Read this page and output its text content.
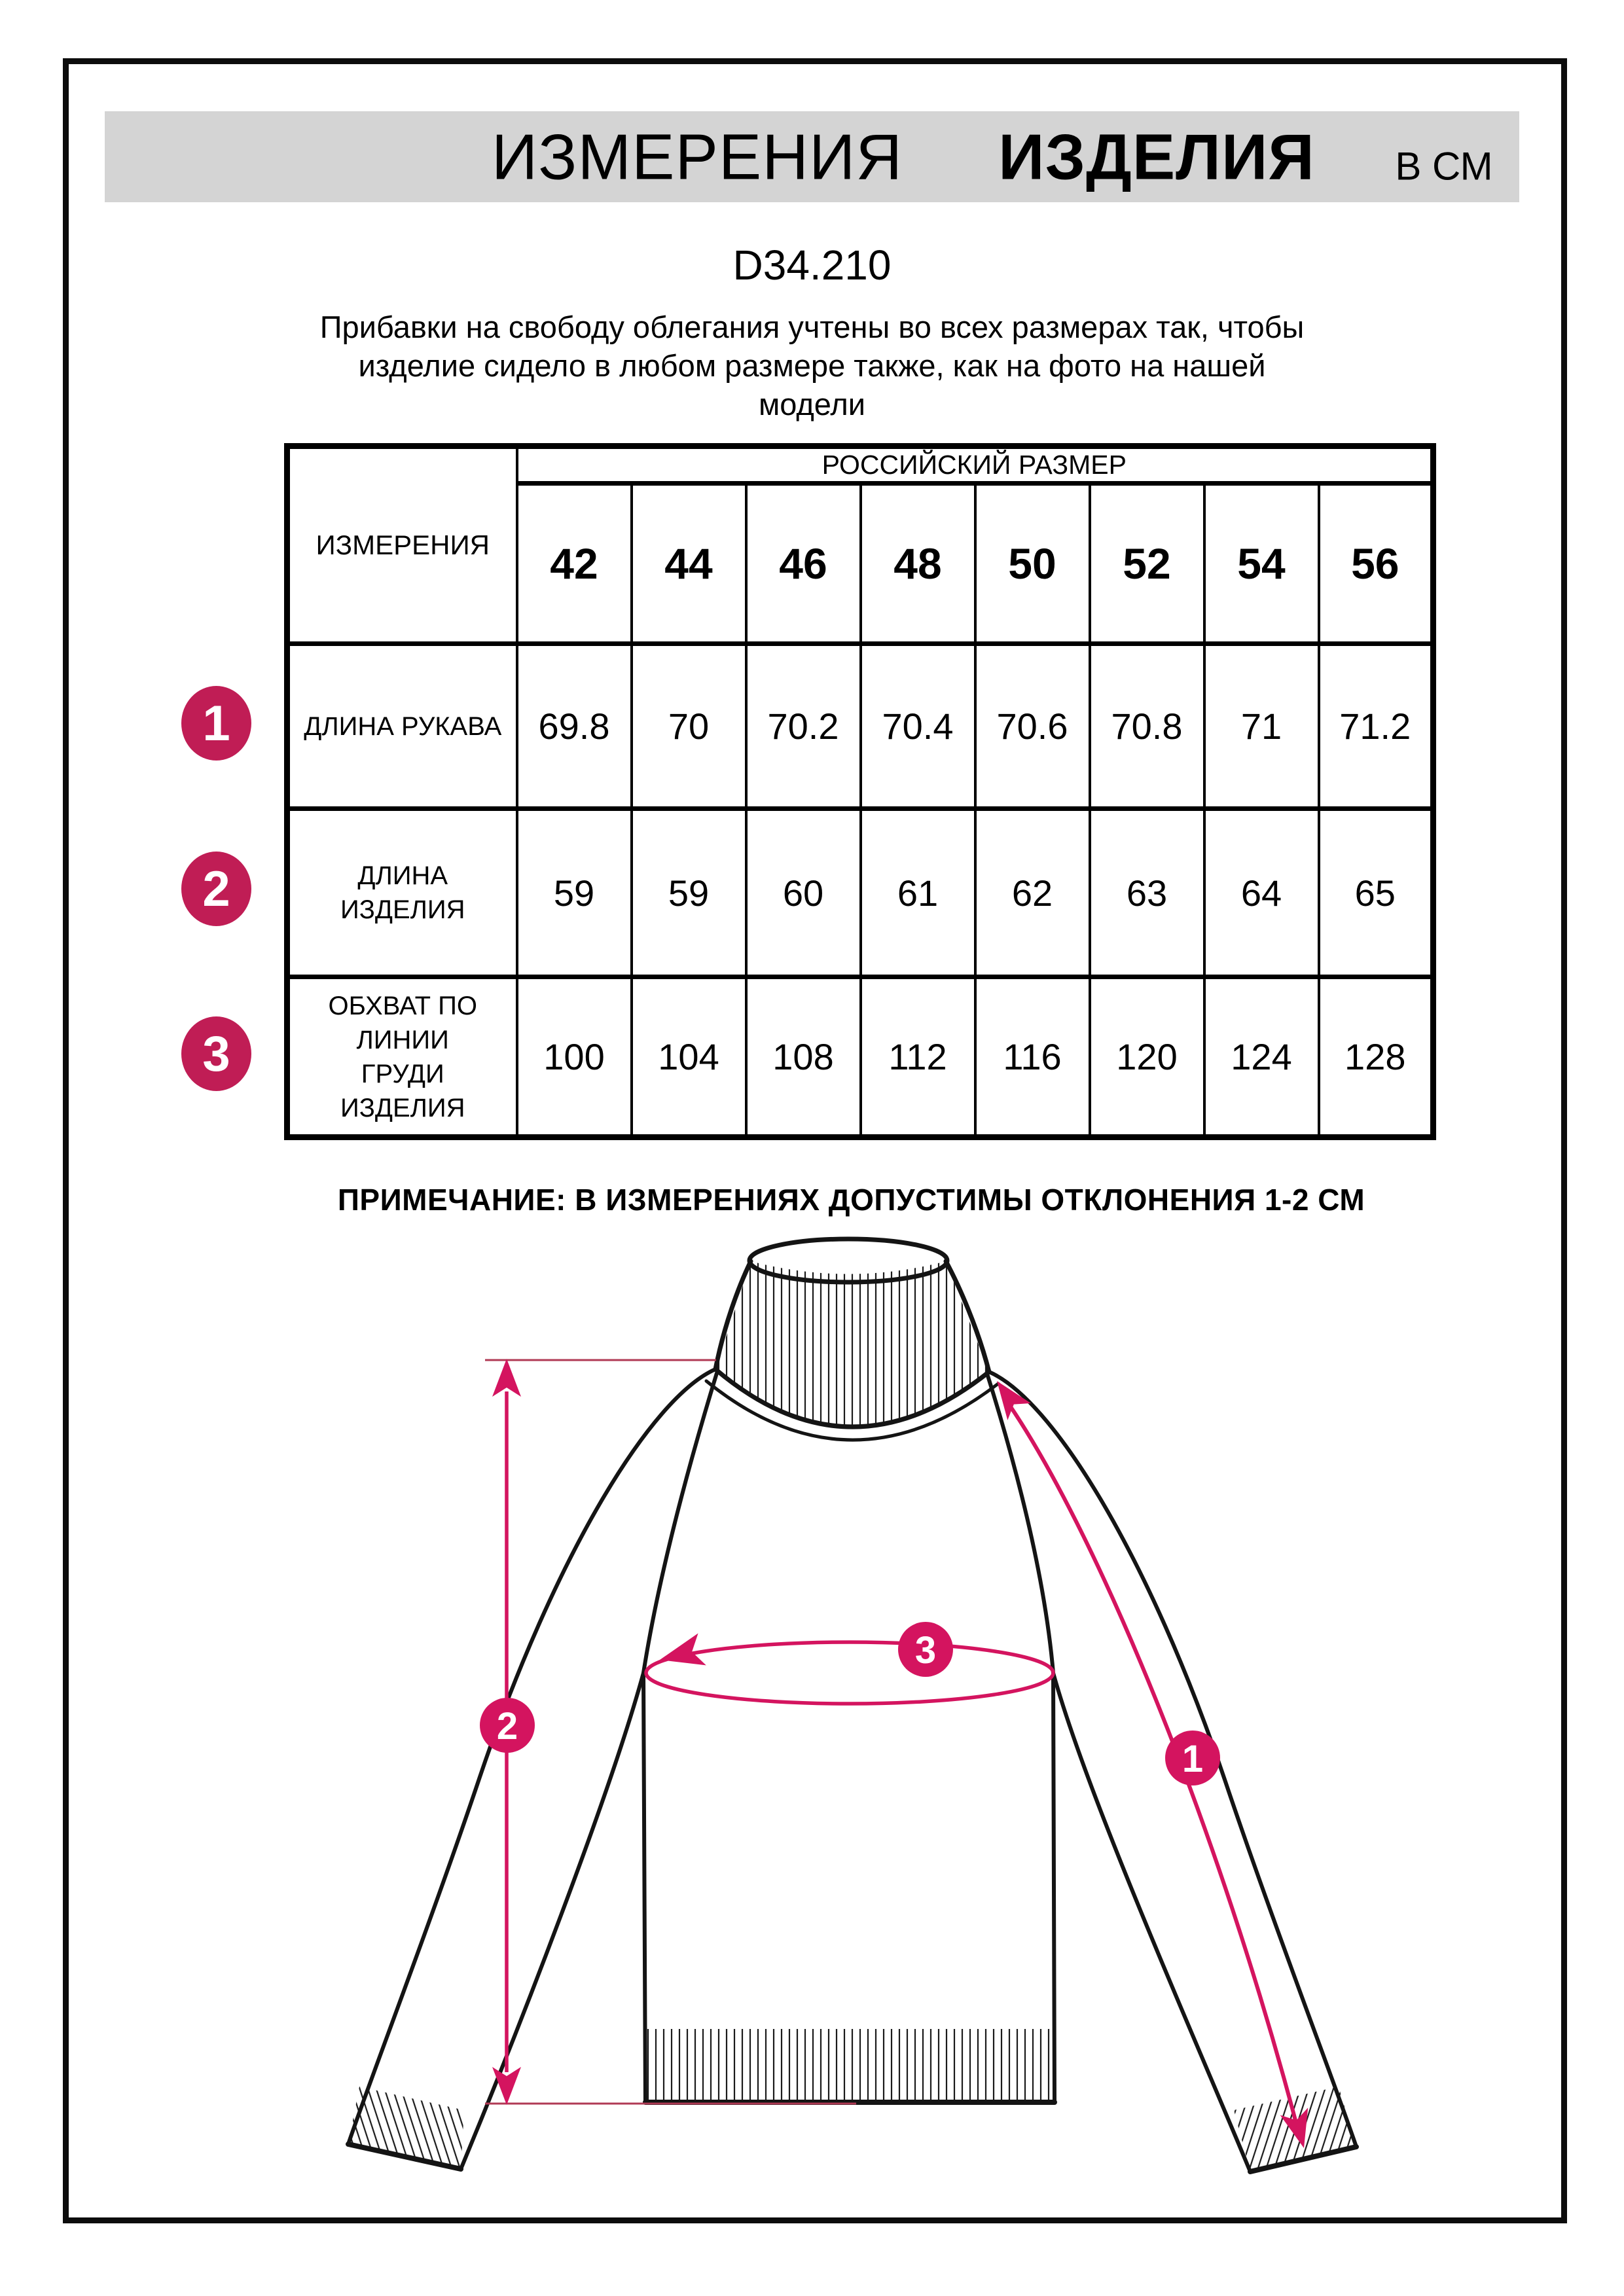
ИЗМЕРЕНИЯ ИЗДЕЛИЯ В СМ
D34.210
Прибавки на свободу облегания учтены во всех размерах так, чтобы
изделие сидело в любом размере также, как на фото на нашей
модели
ИЗМЕРЕНИЯ	РОССИЙСКИЙ РАЗМЕР							
	42	44	46	48	50	52	54	56
ДЛИНА РУКАВА	69.8	70	70.2	70.4	70.6	70.8	71	71.2
ДЛИНА ИЗДЕЛИЯ	59	59	60	61	62	63	64	65
ОБХВАТ ПО ЛИНИИ ГРУДИ ИЗДЕЛИЯ	100	104	108	112	116	120	124	128
1
2
3
ПРИМЕЧАНИЕ: В ИЗМЕРЕНИЯХ ДОПУСТИМЫ ОТКЛОНЕНИЯ 1-2 СМ
1
2
3
